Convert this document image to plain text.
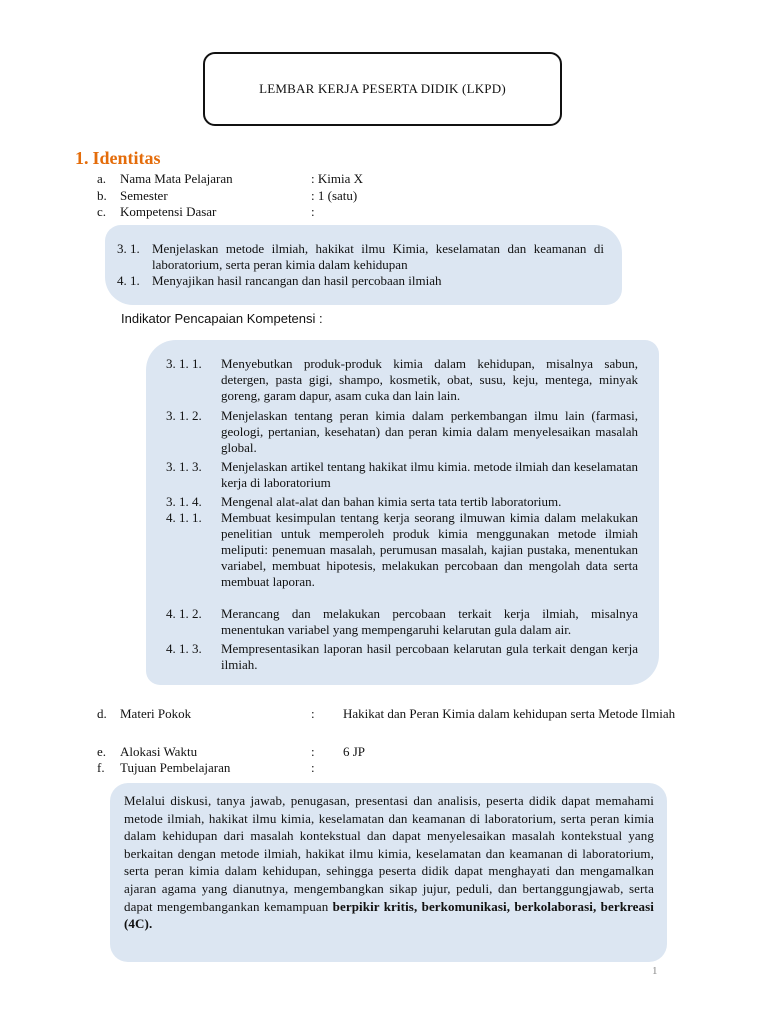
LEMBAR KERJA PESERTA DIDIK (LKPD)
1. Identitas
a.	Nama Mata Pelajaran	: Kimia X
b.	Semester	: 1 (satu)
c.	Kompetensi Dasar	:
3. 1. Menjelaskan metode ilmiah, hakikat ilmu Kimia, keselamatan dan keamanan di laboratorium, serta peran kimia dalam kehidupan
4. 1. Menyajikan hasil rancangan dan hasil percobaan ilmiah
Indikator Pencapaian Kompetensi :
3. 1. 1. Menyebutkan produk-produk kimia dalam kehidupan, misalnya sabun, detergen, pasta gigi, shampo, kosmetik, obat, susu, keju, mentega, minyak goreng, garam dapur, asam cuka dan lain lain.
3. 1. 2. Menjelaskan tentang peran kimia dalam perkembangan ilmu lain (farmasi, geologi, pertanian, kesehatan) dan peran kimia dalam menyelesaikan masalah global.
3. 1. 3. Menjelaskan artikel tentang hakikat ilmu kimia. metode ilmiah dan keselamatan kerja di laboratorium
3. 1. 4. Mengenal alat-alat dan bahan kimia serta tata tertib laboratorium.
4. 1. 1. Membuat kesimpulan tentang kerja seorang ilmuwan kimia dalam melakukan penelitian untuk memperoleh produk kimia menggunakan metode ilmiah meliputi: penemuan masalah, perumusan masalah, kajian pustaka, menentukan variabel, membuat hipotesis, melakukan percobaan dan mengolah data serta membuat laporan.
4. 1. 2. Merancang dan melakukan percobaan terkait kerja ilmiah, misalnya menentukan variabel yang mempengaruhi kelarutan gula dalam air.
4. 1. 3. Mempresentasikan laporan hasil percobaan kelarutan gula terkait dengan kerja ilmiah.
d. Materi Pokok	: Hakikat dan Peran Kimia dalam kehidupan serta Metode Ilmiah
e. Alokasi Waktu	: 6 JP
f. Tujuan Pembelajaran	:
Melalui diskusi, tanya jawab, penugasan, presentasi dan analisis, peserta didik dapat memahami metode ilmiah, hakikat ilmu kimia, keselamatan dan keamanan di laboratorium, serta peran kimia dalam kehidupan dari masalah kontekstual dan dapat menyelesaikan masalah kontekstual yang berkaitan dengan metode ilmiah, hakikat ilmu kimia, keselamatan dan keamanan di laboratorium, serta peran kimia dalam kehidupan, sehingga peserta didik dapat menghayati dan mengamalkan ajaran agama yang dianutnya, mengembangkan sikap jujur, peduli, dan bertanggungjawab, serta dapat mengembangankan kemampuan berpikir kritis, berkomunikasi, berkolaborasi, berkreasi (4C).
1
